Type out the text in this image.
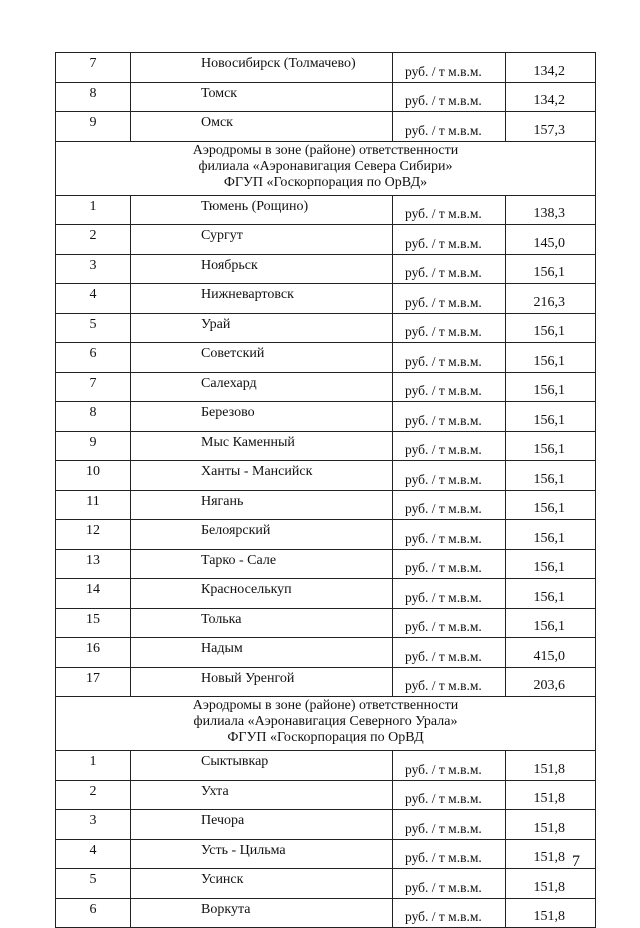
7	Новосибирск (Толмачево)	руб. / т м.в.м.	134,2
8	Томск	руб. / т м.в.м.	134,2
9	Омск	руб. / т м.в.м.	157,3

Аэродромы в зоне (районе) ответственности
филиала «Аэронавигация Севера Сибири»
ФГУП «Госкорпорация по ОрВД»			

1	Тюмень (Рощино)	руб. / т м.в.м.	138,3
2	Сургут	руб. / т м.в.м.	145,0
3	Ноябрьск	руб. / т м.в.м.	156,1
4	Нижневартовск	руб. / т м.в.м.	216,3
5	Урай	руб. / т м.в.м.	156,1
6	Советский	руб. / т м.в.м.	156,1
7	Салехард	руб. / т м.в.м.	156,1
8	Березово	руб. / т м.в.м.	156,1
9	Мыс Каменный	руб. / т м.в.м.	156,1
10	Ханты - Мансийск	руб. / т м.в.м.	156,1
11	Нягань	руб. / т м.в.м.	156,1
12	Белоярский	руб. / т м.в.м.	156,1
13	Тарко - Сале	руб. / т м.в.м.	156,1
14	Красноселькуп	руб. / т м.в.м.	156,1
15	Толька	руб. / т м.в.м.	156,1
16	Надым	руб. / т м.в.м.	415,0
17	Новый Уренгой	руб. / т м.в.м.	203,6

Аэродромы в зоне (районе) ответственности
филиала «Аэронавигация Северного Урала»
ФГУП «Госкорпорация по ОрВД			

1	Сыктывкар	руб. / т м.в.м.	151,8
2	Ухта	руб. / т м.в.м.	151,8
3	Печора	руб. / т м.в.м.	151,8
4	Усть - Цильма	руб. / т м.в.м.	151,8
5	Усинск	руб. / т м.в.м.	151,8
6	Воркута	руб. / т м.в.м.	151,8
7
